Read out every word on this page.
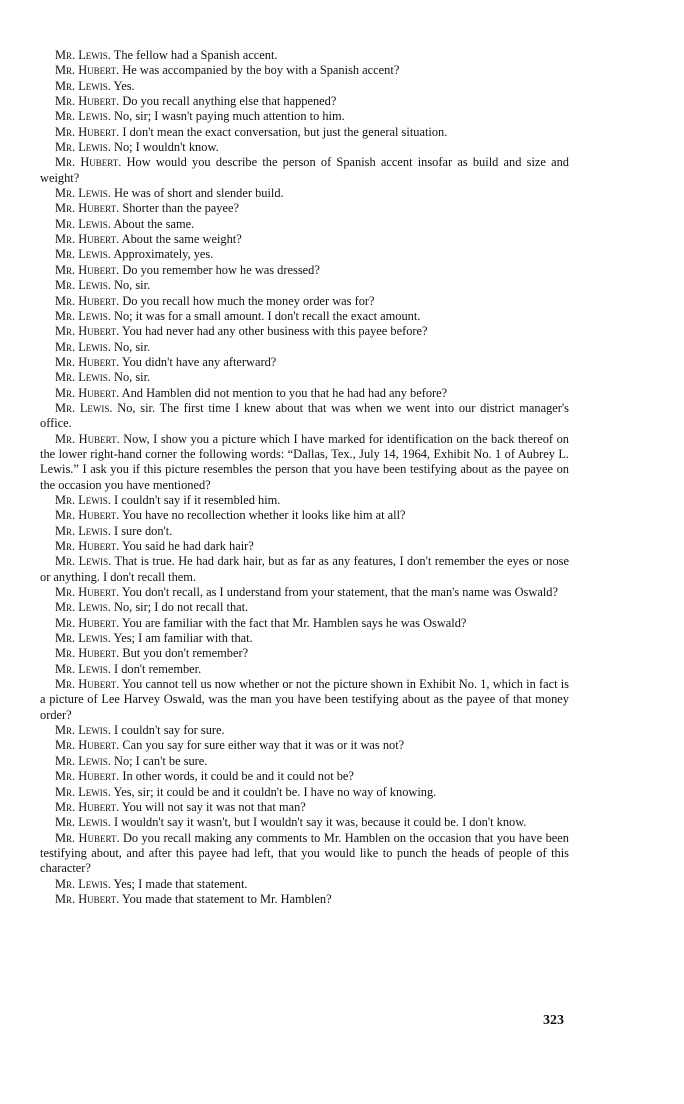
Mr. Lewis. The fellow had a Spanish accent.

Mr. Hubert. He was accompanied by the boy with a Spanish accent?

Mr. Lewis. Yes.

Mr. Hubert. Do you recall anything else that happened?

Mr. Lewis. No, sir; I wasn't paying much attention to him.

Mr. Hubert. I don't mean the exact conversation, but just the general situation.

Mr. Lewis. No; I wouldn't know.

Mr. Hubert. How would you describe the person of Spanish accent insofar as build and size and weight?

Mr. Lewis. He was of short and slender build.

Mr. Hubert. Shorter than the payee?

Mr. Lewis. About the same.

Mr. Hubert. About the same weight?

Mr. Lewis. Approximately, yes.

Mr. Hubert. Do you remember how he was dressed?

Mr. Lewis. No, sir.

Mr. Hubert. Do you recall how much the money order was for?

Mr. Lewis. No; it was for a small amount. I don't recall the exact amount.

Mr. Hubert. You had never had any other business with this payee before?

Mr. Lewis. No, sir.

Mr. Hubert. You didn't have any afterward?

Mr. Lewis. No, sir.

Mr. Hubert. And Hamblen did not mention to you that he had had any before?

Mr. Lewis. No, sir. The first time I knew about that was when we went into our district manager's office.

Mr. Hubert. Now, I show you a picture which I have marked for identification on the back thereof on the lower right-hand corner the following words: “Dallas, Tex., July 14, 1964, Exhibit No. 1 of Aubrey L. Lewis.” I ask you if this picture resembles the person that you have been testifying about as the payee on the occasion you have mentioned?

Mr. Lewis. I couldn't say if it resembled him.

Mr. Hubert. You have no recollection whether it looks like him at all?

Mr. Lewis. I sure don't.

Mr. Hubert. You said he had dark hair?

Mr. Lewis. That is true. He had dark hair, but as far as any features, I don't remember the eyes or nose or anything. I don't recall them.

Mr. Hubert. You don't recall, as I understand from your statement, that the man's name was Oswald?

Mr. Lewis. No, sir; I do not recall that.

Mr. Hubert. You are familiar with the fact that Mr. Hamblen says he was Oswald?

Mr. Lewis. Yes; I am familiar with that.

Mr. Hubert. But you don't remember?

Mr. Lewis. I don't remember.

Mr. Hubert. You cannot tell us now whether or not the picture shown in Exhibit No. 1, which in fact is a picture of Lee Harvey Oswald, was the man you have been testifying about as the payee of that money order?

Mr. Lewis. I couldn't say for sure.

Mr. Hubert. Can you say for sure either way that it was or it was not?

Mr. Lewis. No; I can't be sure.

Mr. Hubert. In other words, it could be and it could not be?

Mr. Lewis. Yes, sir; it could be and it couldn't be. I have no way of knowing.

Mr. Hubert. You will not say it was not that man?

Mr. Lewis. I wouldn't say it wasn't, but I wouldn't say it was, because it could be. I don't know.

Mr. Hubert. Do you recall making any comments to Mr. Hamblen on the occasion that you have been testifying about, and after this payee had left, that you would like to punch the heads of people of this character?

Mr. Lewis. Yes; I made that statement.

Mr. Hubert. You made that statement to Mr. Hamblen?

323
